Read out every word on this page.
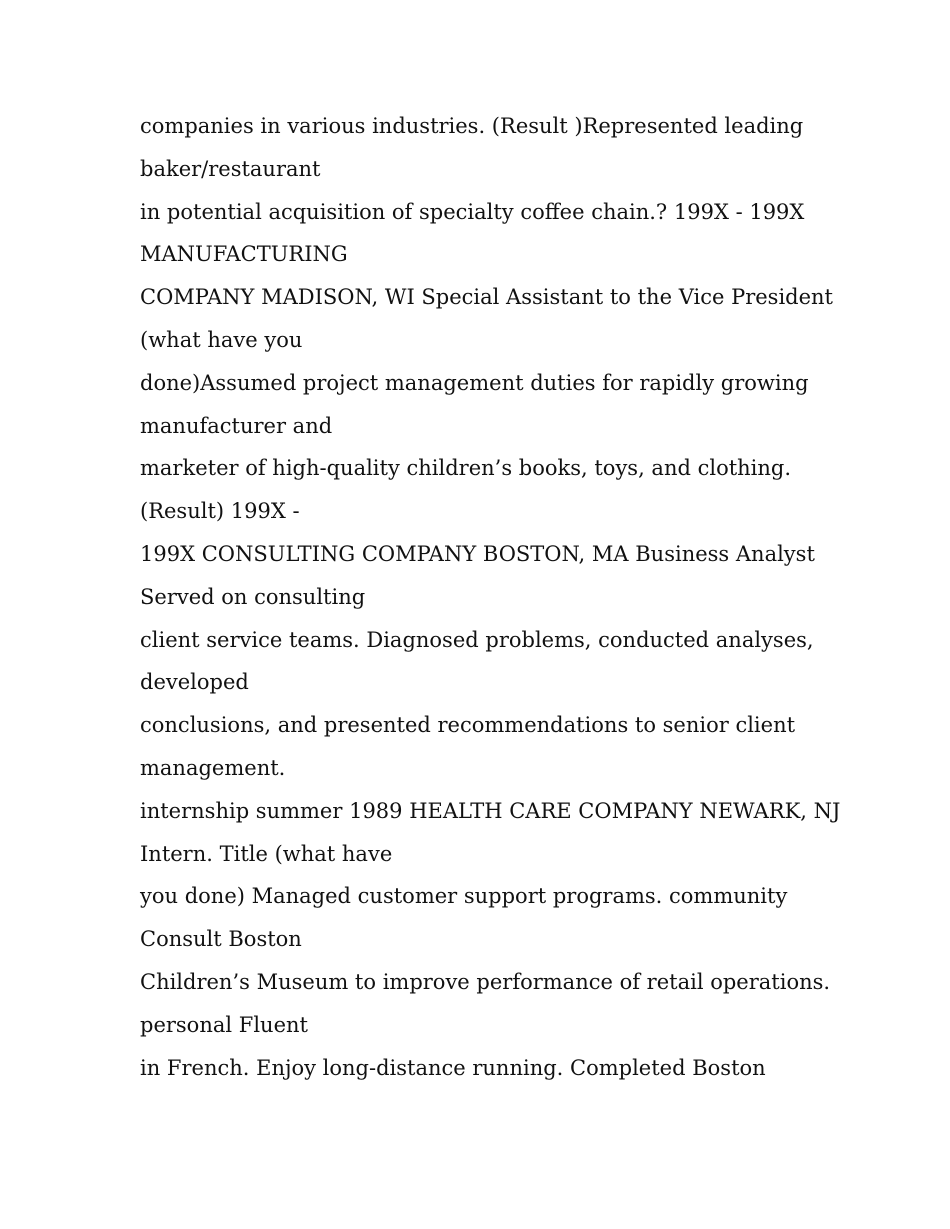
companies in various industries. (Result )Represented leading
baker/restaurant
in potential acquisition of specialty coffee chain.? 199X - 199X
MANUFACTURING
COMPANY MADISON, WI Special Assistant to the Vice President
(what have you
done)Assumed project management duties for rapidly growing
manufacturer and
marketer of high-quality children’s books, toys, and clothing.
(Result) 199X -
199X CONSULTING COMPANY BOSTON, MA Business Analyst
Served on consulting
client service teams. Diagnosed problems, conducted analyses,
developed
conclusions, and presented recommendations to senior client
management.
internship summer 1989 HEALTH CARE COMPANY NEWARK, NJ
Intern. Title (what have
you done) Managed customer support programs. community
Consult Boston
Children’s Museum to improve performance of retail operations.
personal Fluent
in French. Enjoy long-distance running. Completed Boston
